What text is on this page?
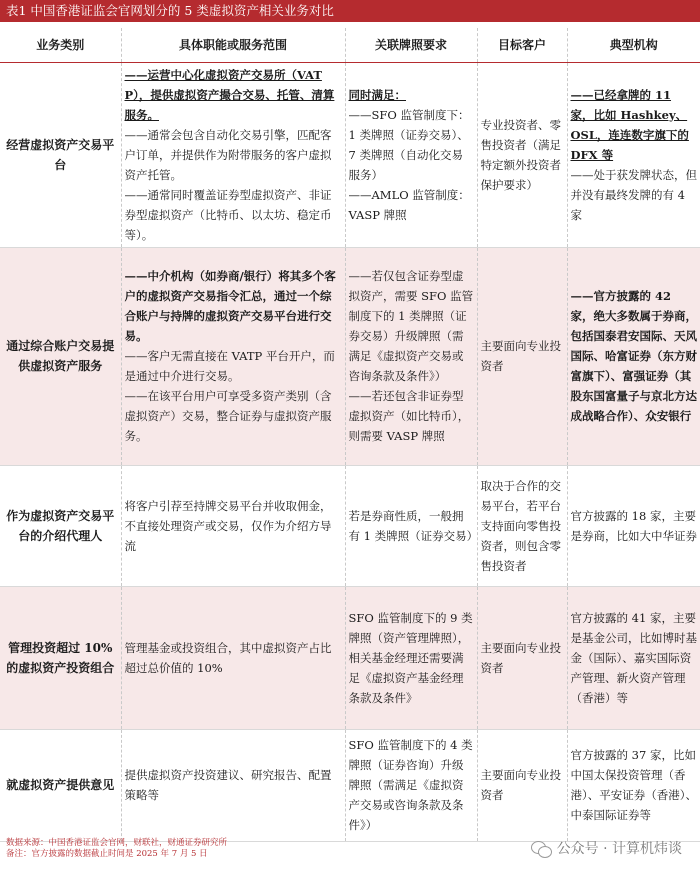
表1 中国香港证监会官网划分的 5 类虚拟资产相关业务对比
业务类别	具体职能或服务范围	关联牌照要求	目标客户	典型机构
经营虚拟资产交易平台	——运营中心化虚拟资产交易所（VATP），提供虚拟资产撮合交易、托管、清算服务。
——通常会包含自动化交易引擎，匹配客户订单，并提供作为附带服务的客户虚拟资产托管。
——通常同时覆盖证券型虚拟资产、非证券型虚拟资产（比特币、以太坊、稳定币等）。	同时满足：
——SFO 监管制度下：1 类牌照（证券交易）、7 类牌照（自动化交易服务）
——AMLO 监管制度：VASP 牌照	专业投资者、零售投资者（满足特定额外投资者保护要求）	——已经拿牌的 11 家，比如 Hashkey、OSL，连连数字旗下的 DFX 等
——处于获发牌状态，但并没有最终发牌的有 4 家

通过综合账户交易提供虚拟资产服务	——中介机构（如券商/银行）将其多个客户的虚拟资产交易指令汇总，通过一个综合账户与持牌的虚拟资产交易平台进行交易。
——客户无需直接在 VATP 平台开户，而是通过中介进行交易。
——在该平台用户可享受多资产类别（含虚拟资产）交易，整合证券与虚拟资产服务。	——若仅包含证券型虚拟资产，需要 SFO 监管制度下的 1 类牌照（证券交易）升级牌照（需满足《虚拟资产交易或咨询条款及条件》）
——若还包含非证券型虚拟资产（如比特币），则需要 VASP 牌照	主要面向专业投资者	——官方披露的 42 家，绝大多数属于券商，包括国泰君安国际、天风国际、哈富证券（东方财富旗下）、富强证券（其股东国富量子与京北方达成战略合作）、众安银行

作为虚拟资产交易平台的介绍代理人	将客户引荐至持牌交易平台并收取佣金，不直接处理资产或交易，仅作为介绍方导流	若是券商性质，一般拥有 1 类牌照（证券交易）	取决于合作的交易平台，若平台支持面向零售投资者，则包含零售投资者	官方披露的 18 家，主要是券商，比如大中华证券

管理投资超过 10%的虚拟资产投资组合	管理基金或投资组合，其中虚拟资产占比超过总价值的 10%	SFO 监管制度下的 9 类牌照（资产管理牌照），相关基金经理还需要满足《虚拟资产基金经理条款及条件》	主要面向专业投资者	官方披露的 41 家，主要是基金公司，比如博时基金（国际）、嘉实国际资产管理、新火资产管理（香港）等

就虚拟资产提供意见	提供虚拟资产投资建议、研究报告、配置策略等	SFO 监管制度下的 4 类牌照（证券咨询）升级牌照（需满足《虚拟资产交易或咨询条款及条件》）	主要面向专业投资者	官方披露的 37 家，比如中国太保投资管理（香港）、平安证券（香港）、中泰国际证券等
数据来源：中国香港证监会官网，财联社，财通证券研究所
备注：官方披露的数据截止时间是 2025 年 7 月 5 日	公众号 · 计算机炜谈
